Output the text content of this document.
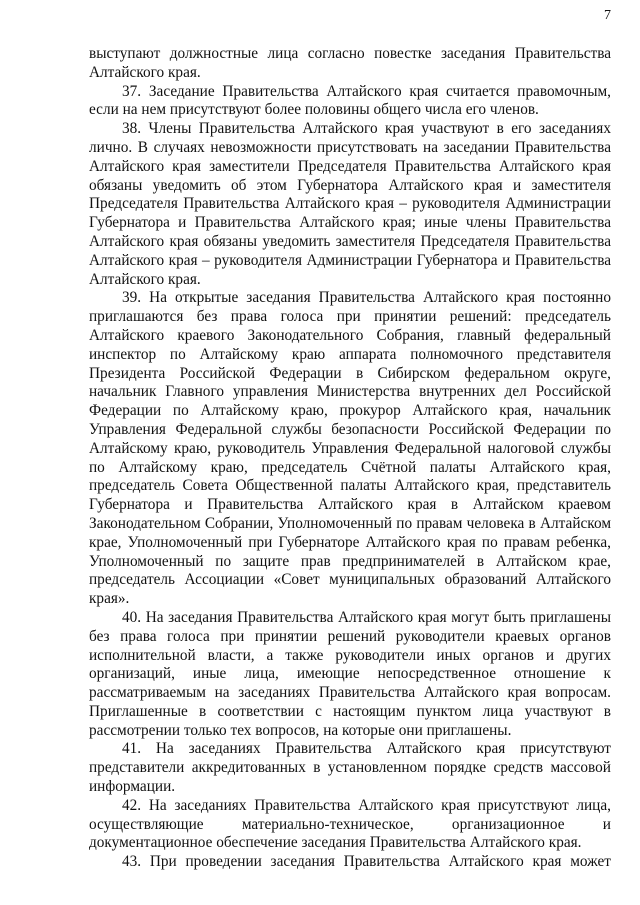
7

выступают должностные лица согласно повестке заседания Правительства Алтайского края.

37. Заседание Правительства Алтайского края считается правомочным, если на нем присутствуют более половины общего числа его членов.

38. Члены Правительства Алтайского края участвуют в его заседаниях лично. В случаях невозможности присутствовать на заседании Правительства Алтайского края заместители Председателя Правительства Алтайского края обязаны уведомить об этом Губернатора Алтайского края и заместителя Председателя Правительства Алтайского края – руководителя Администрации Губернатора и Правительства Алтайского края; иные члены Правительства Алтайского края обязаны уведомить заместителя Председателя Правительства Алтайского края – руководителя Администрации Губернатора и Правительства Алтайского края.

39. На открытые заседания Правительства Алтайского края постоянно приглашаются без права голоса при принятии решений: председатель Алтайского краевого Законодательного Собрания, главный федеральный инспектор по Алтайскому краю аппарата полномочного представителя Президента Российской Федерации в Сибирском федеральном округе, начальник Главного управления Министерства внутренних дел Российской Федерации по Алтайскому краю, прокурор Алтайского края, начальник Управления Федеральной службы безопасности Российской Федерации по Алтайскому краю, руководитель Управления Федеральной налоговой службы по Алтайскому краю, председатель Счётной палаты Алтайского края, председатель Совета Общественной палаты Алтайского края, представитель Губернатора и Правительства Алтайского края в Алтайском краевом Законодательном Собрании, Уполномоченный по правам человека в Алтайском крае, Уполномоченный при Губернаторе Алтайского края по правам ребенка, Уполномоченный по защите прав предпринимателей в Алтайском крае, председатель Ассоциации «Совет муниципальных образований Алтайского края».

40. На заседания Правительства Алтайского края могут быть приглашены без права голоса при принятии решений руководители краевых органов исполнительной власти, а также руководители иных органов и других организаций, иные лица, имеющие непосредственное отношение к рассматриваемым на заседаниях Правительства Алтайского края вопросам. Приглашенные в соответствии с настоящим пунктом лица участвуют в рассмотрении только тех вопросов, на которые они приглашены.

41. На заседаниях Правительства Алтайского края присутствуют представители аккредитованных в установленном порядке средств массовой информации.

42. На заседаниях Правительства Алтайского края присутствуют лица, осуществляющие материально-техническое, организационное и документационное обеспечение заседания Правительства Алтайского края.

43. При проведении заседания Правительства Алтайского края может
